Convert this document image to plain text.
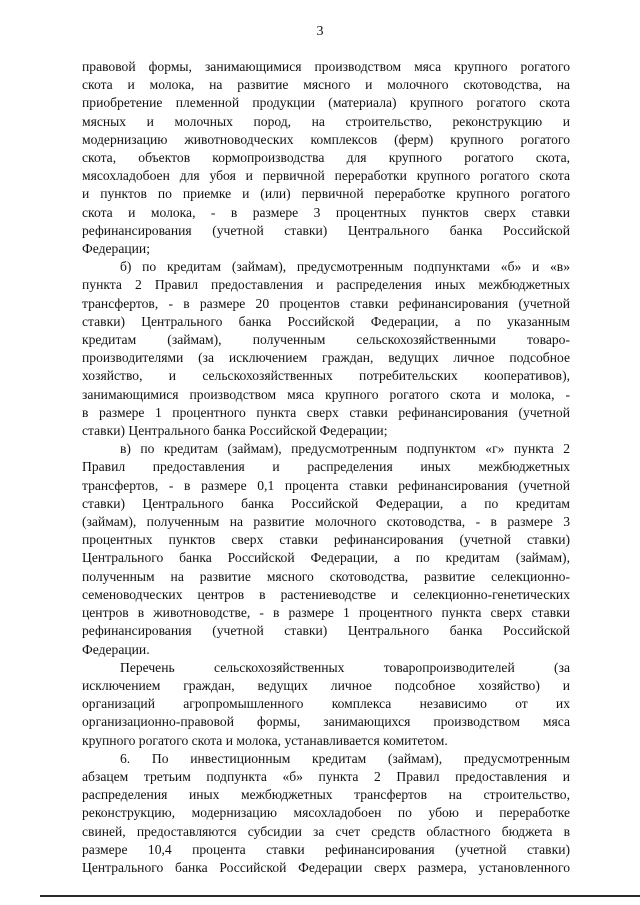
3
правовой формы, занимающимися производством мяса крупного рогатого
скота и молока, на развитие мясного и молочного скотоводства, на
приобретение племенной продукции (материала) крупного рогатого скота
мясных и молочных пород, на строительство, реконструкцию и
модернизацию животноводческих комплексов (ферм) крупного рогатого
скота, объектов кормопроизводства для крупного рогатого скота,
мясохладобоен для убоя и первичной переработки крупного рогатого скота
и пунктов по приемке и (или) первичной переработке крупного рогатого
скота и молока, - в размере 3 процентных пунктов сверх ставки
рефинансирования (учетной ставки) Центрального банка Российской
Федерации;
б) по кредитам (займам), предусмотренным подпунктами «б» и «в»
пункта 2 Правил предоставления и распределения иных межбюджетных
трансфертов, - в размере 20 процентов ставки рефинансирования (учетной
ставки) Центрального банка Российской Федерации, а по указанным
кредитам (займам), полученным сельскохозяйственными товаро-
производителями (за исключением граждан, ведущих личное подсобное
хозяйство, и сельскохозяйственных потребительских кооперативов),
занимающимися производством мяса крупного рогатого скота и молока, -
в размере 1 процентного пункта сверх ставки рефинансирования (учетной
ставки) Центрального банка Российской Федерации;
в) по кредитам (займам), предусмотренным подпунктом «г» пункта 2
Правил предоставления и распределения иных межбюджетных
трансфертов, - в размере 0,1 процента ставки рефинансирования (учетной
ставки) Центрального банка Российской Федерации, а по кредитам
(займам), полученным на развитие молочного скотоводства, - в размере 3
процентных пунктов сверх ставки рефинансирования (учетной ставки)
Центрального банка Российской Федерации, а по кредитам (займам),
полученным на развитие мясного скотоводства, развитие селекционно-
семеноводческих центров в растениеводстве и селекционно-генетических
центров в животноводстве, - в размере 1 процентного пункта сверх ставки
рефинансирования (учетной ставки) Центрального банка Российской
Федерации.
Перечень сельскохозяйственных товаропроизводителей (за
исключением граждан, ведущих личное подсобное хозяйство) и
организаций агропромышленного комплекса независимо от их
организационно-правовой формы, занимающихся производством мяса
крупного рогатого скота и молока, устанавливается комитетом.
6. По инвестиционным кредитам (займам), предусмотренным
абзацем третьим подпункта «б» пункта 2 Правил предоставления и
распределения иных межбюджетных трансфертов на строительство,
реконструкцию, модернизацию мясохладобоен по убою и переработке
свиней, предоставляются субсидии за счет средств областного бюджета в
размере 10,4 процента ставки рефинансирования (учетной ставки)
Центрального банка Российской Федерации сверх размера, установленного
